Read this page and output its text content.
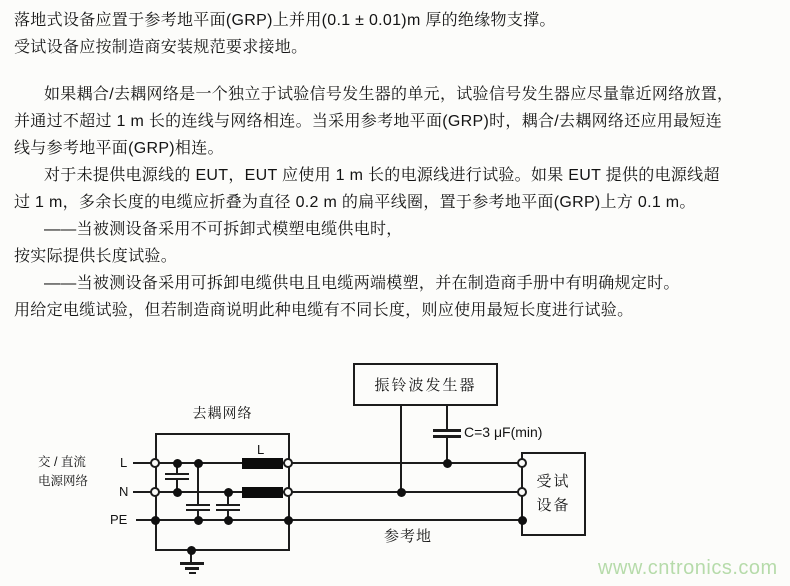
落地式设备应置于参考地平面(GRP)上并用(0.1 ± 0.01)m 厚的绝缘物支撑。
受试设备应按制造商安装规范要求接地。
如果耦合/去耦网络是一个独立于试验信号发生器的单元，试验信号发生器应尽量靠近网络放置，
并通过不超过 1 m 长的连线与网络相连。当采用参考地平面(GRP)时，耦合/去耦网络还应用最短连
线与参考地平面(GRP)相连。
对于未提供电源线的 EUT，EUT 应使用 1 m 长的电源线进行试验。如果 EUT 提供的电源线超
过 1 m，多余长度的电缆应折叠为直径 0.2 m 的扁平线圈，置于参考地平面(GRP)上方 0.1 m。
——当被测设备采用不可拆卸式模塑电缆供电时，
按实际提供长度试验。
——当被测设备采用可拆卸电缆供电且电缆两端模塑，并在制造商手册中有明确规定时。
用给定电缆试验，但若制造商说明此种电缆有不同长度，则应使用最短长度进行试验。
振铃波发生器
去耦网络
C=3 μF(min)
L
交 / 直流
电源网络
L
N
PE
受试
设备
参考地
www.cntronics.com
